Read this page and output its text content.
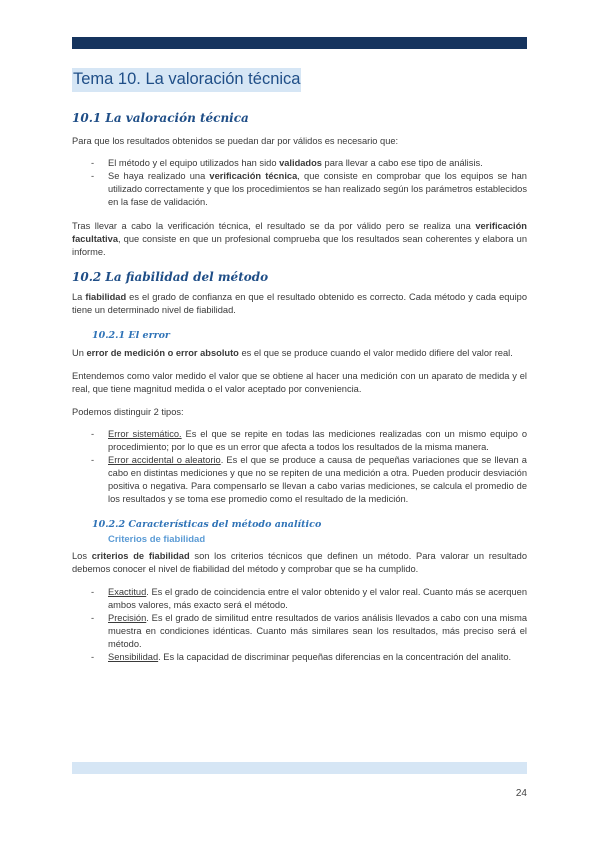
Tema 10. La valoración técnica
10.1 La valoración técnica

Para que los resultados obtenidos se puedan dar por válidos es necesario que:

- El método y el equipo utilizados han sido validados para llevar a cabo ese tipo de análisis.
- Se haya realizado una verificación técnica, que consiste en comprobar que los equipos se han utilizado correctamente y que los procedimientos se han realizado según los parámetros establecidos en la fase de validación.

Tras llevar a cabo la verificación técnica, el resultado se da por válido pero se realiza una verificación facultativa, que consiste en que un profesional comprueba que los resultados sean coherentes y elabora un informe.

10.2 La fiabilidad del método

La fiabilidad es el grado de confianza en que el resultado obtenido es correcto. Cada método y cada equipo tiene un determinado nivel de fiabilidad.

10.2.1 El error

Un error de medición o error absoluto es el que se produce cuando el valor medido difiere del valor real.

Entendemos como valor medido el valor que se obtiene al hacer una medición con un aparato de medida y el real, que tiene magnitud medida o el valor aceptado por conveniencia.

Podemos distinguir 2 tipos:

- Error sistemático. Es el que se repite en todas las mediciones realizadas con un mismo equipo o procedimiento; por lo que es un error que afecta a todos los resultados de la misma manera.
- Error accidental o aleatorio. Es el que se produce a causa de pequeñas variaciones que se llevan a cabo en distintas mediciones y que no se repiten de una medición a otra. Pueden producir desviación positiva o negativa. Para compensarlo se llevan a cabo varias mediciones, se calcula el promedio de los resultados y se toma ese promedio como el resultado de la medición.
10.2.2 Características del método analítico
Criterios de fiabilidad

Los criterios de fiabilidad son los criterios técnicos que definen un método. Para valorar un resultado debemos conocer el nivel de fiabilidad del método y comprobar que se ha cumplido.

- Exactitud. Es el grado de coincidencia entre el valor obtenido y el valor real. Cuanto más se acerquen ambos valores, más exacto será el método.
- Precisión. Es el grado de similitud entre resultados de varios análisis llevados a cabo con una misma muestra en condiciones idénticas. Cuanto más similares sean los resultados, más preciso será el método.
- Sensibilidad. Es la capacidad de discriminar pequeñas diferencias en la concentración del analito.
24
